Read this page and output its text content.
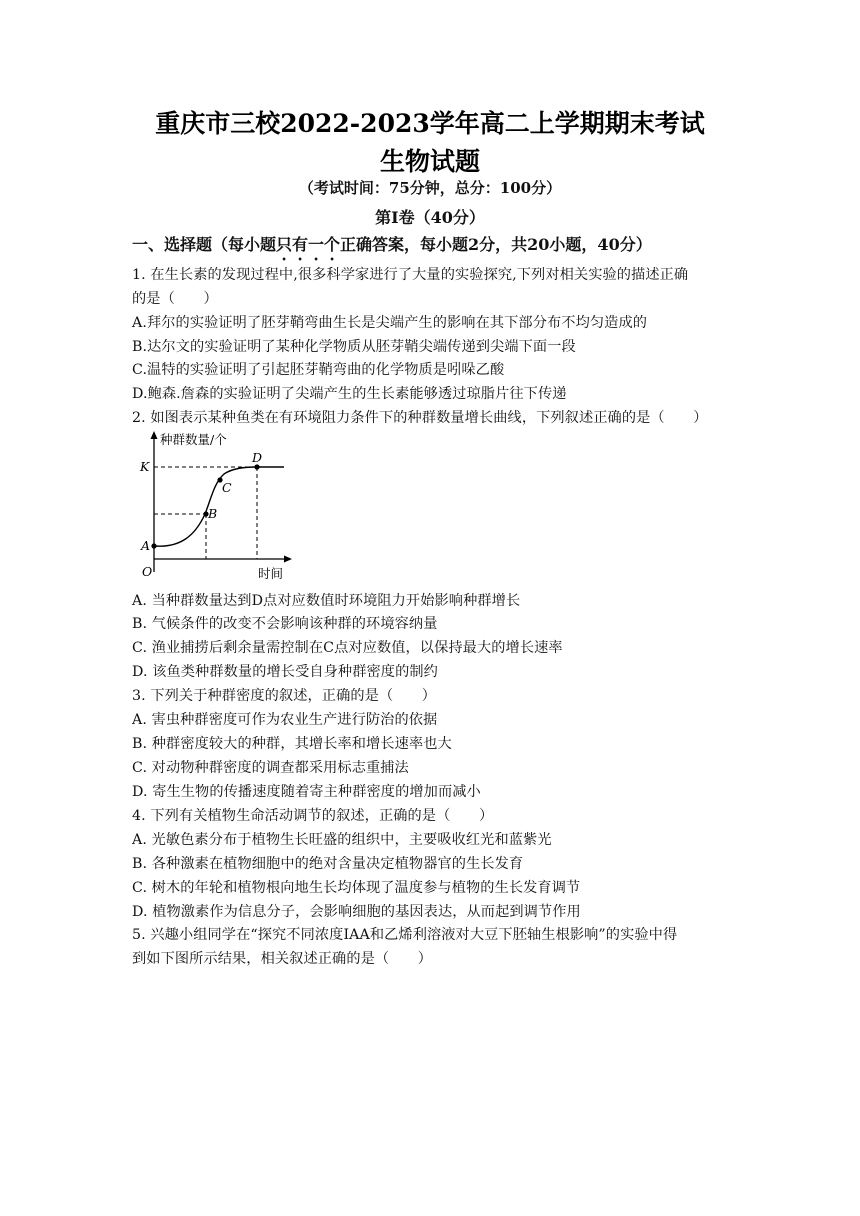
重庆市三校2022-2023学年高二上学期期末考试
生物试题
（考试时间：75分钟，总分：100分）
第Ⅰ卷（40分）
一、选择题（每小题只有一个正确答案，每小题2分，共20小题，40分）
1. 在生长素的发现过程中,很多科学家进行了大量的实验探究,下列对相关实验的描述正确
的是（　　）
A.拜尔的实验证明了胚芽鞘弯曲生长是尖端产生的影响在其下部分布不均匀造成的
B.达尔文的实验证明了某种化学物质从胚芽鞘尖端传递到尖端下面一段
C.温特的实验证明了引起胚芽鞘弯曲的化学物质是吲哚乙酸
D.鲍森.詹森的实验证明了尖端产生的生长素能够透过琼脂片往下传递
2. 如图表示某种鱼类在有环境阻力条件下的种群数量增长曲线，下列叙述正确的是（　　）
种群数量/个
K
A
B
C
D
O	时间
A. 当种群数量达到D点对应数值时环境阻力开始影响种群增长
B. 气候条件的改变不会影响该种群的环境容纳量
C. 渔业捕捞后剩余量需控制在C点对应数值，以保持最大的增长速率
D. 该鱼类种群数量的增长受自身种群密度的制约
3. 下列关于种群密度的叙述，正确的是（　　）
A. 害虫种群密度可作为农业生产进行防治的依据
B. 种群密度较大的种群，其增长率和增长速率也大
C. 对动物种群密度的调查都采用标志重捕法
D. 寄生生物的传播速度随着寄主种群密度的增加而减小
4. 下列有关植物生命活动调节的叙述，正确的是（　　）
A. 光敏色素分布于植物生长旺盛的组织中，主要吸收红光和蓝紫光
B. 各种激素在植物细胞中的绝对含量决定植物器官的生长发育
C. 树木的年轮和植物根向地生长均体现了温度参与植物的生长发育调节
D. 植物激素作为信息分子，会影响细胞的基因表达，从而起到调节作用
5. 兴趣小组同学在“探究不同浓度IAA和乙烯利溶液对大豆下胚轴生根影响”的实验中得
到如下图所示结果，相关叙述正确的是（　　）
